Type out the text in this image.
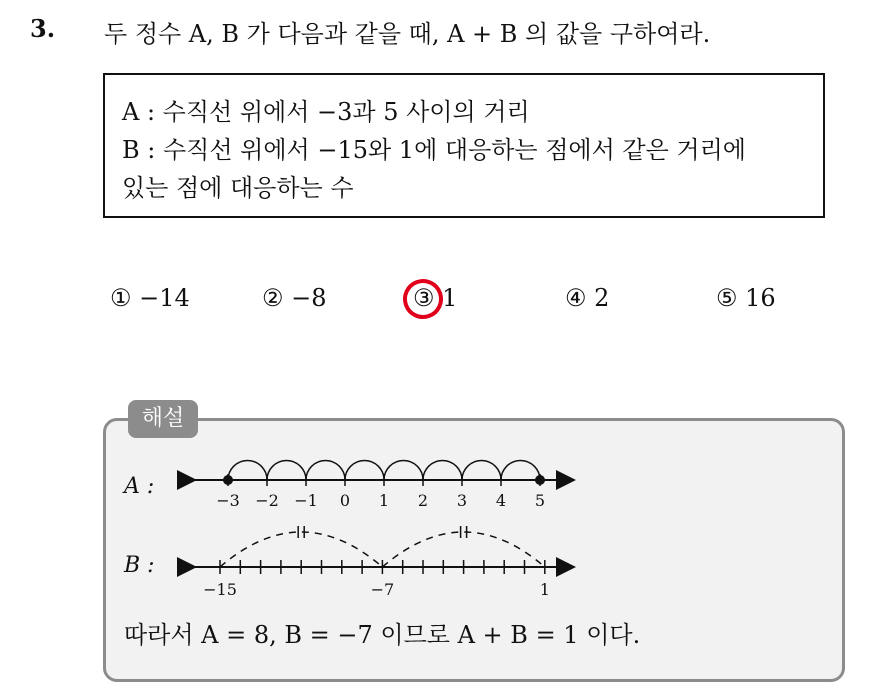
3. 두 정수 A, B 가 다음과 같을 때, A + B 의 값을 구하여라.
A : 수직선 위에서 −3과 5 사이의 거리
B : 수직선 위에서 −15와 1에 대응하는 점에서 같은 거리에
있는 점에 대응하는 수
① −14	② −8	③ 1	④ 2	⑤ 16
해설
A :
B :
−3 −2 −1 0 1 2 3 4 5
−15	−7	1
따라서 A = 8, B = −7 이므로 A + B = 1 이다.
